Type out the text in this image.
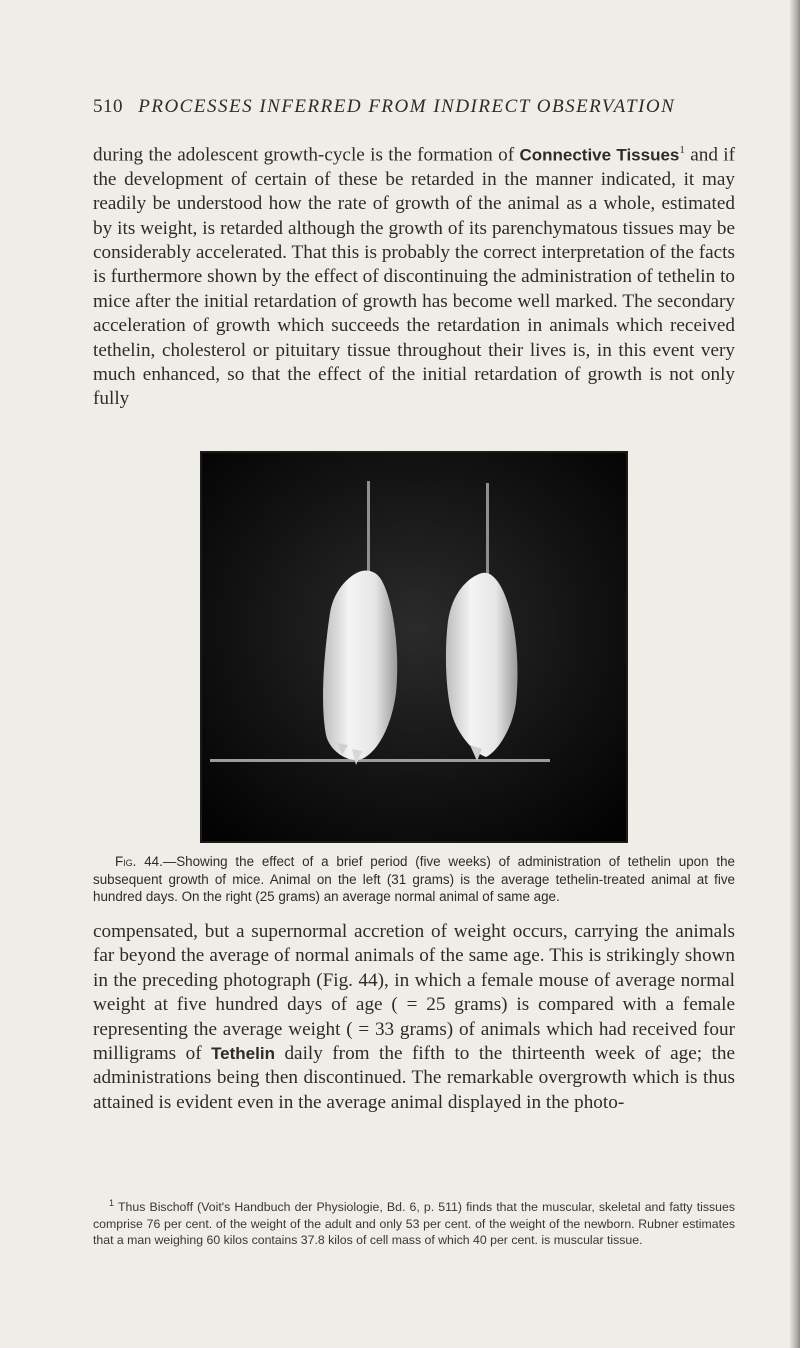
510 PROCESSES INFERRED FROM INDIRECT OBSERVATION

during the adolescent growth-cycle is the formation of Connective Tissues$^1$ and if the development of certain of these be retarded in the manner indicated, it may readily be understood how the rate of growth of the animal as a whole, estimated by its weight, is retarded although the growth of its parenchymatous tissues may be considerably accelerated. That this is probably the correct interpretation of the facts is furthermore shown by the effect of discontinuing the administration of tethelin to mice after the initial retardation of growth has become well marked. The secondary acceleration of growth which succeeds the retardation in animals which received tethelin, cholesterol or pituitary tissue throughout their lives is, in this event very much enhanced, so that the effect of the initial retardation of growth is not only fully

Fig. 44.—Showing the effect of a brief period (five weeks) of administration of tethelin upon the subsequent growth of mice. Animal on the left (31 grams) is the average tethelin-treated animal at five hundred days. On the right (25 grams) an average normal animal of same age.

compensated, but a supernormal accretion of weight occurs, carrying the animals far beyond the average of normal animals of the same age. This is strikingly shown in the preceding photograph (Fig. 44), in which a female mouse of average normal weight at five hundred days of age ( = 25 grams) is compared with a female representing the average weight ( = 33 grams) of animals which had received four milligrams of Tethelin daily from the fifth to the thirteenth week of age; the administrations being then discontinued. The remarkable overgrowth which is thus attained is evident even in the average animal displayed in the photo-

$^1$ Thus Bischoff (Voit's Handbuch der Physiologie, Bd. 6, p. 511) finds that the muscular, skeletal and fatty tissues comprise 76 per cent. of the weight of the adult and only 53 per cent. of the weight of the newborn. Rubner estimates that a man weighing 60 kilos contains 37.8 kilos of cell mass of which 40 per cent. is muscular tissue.
